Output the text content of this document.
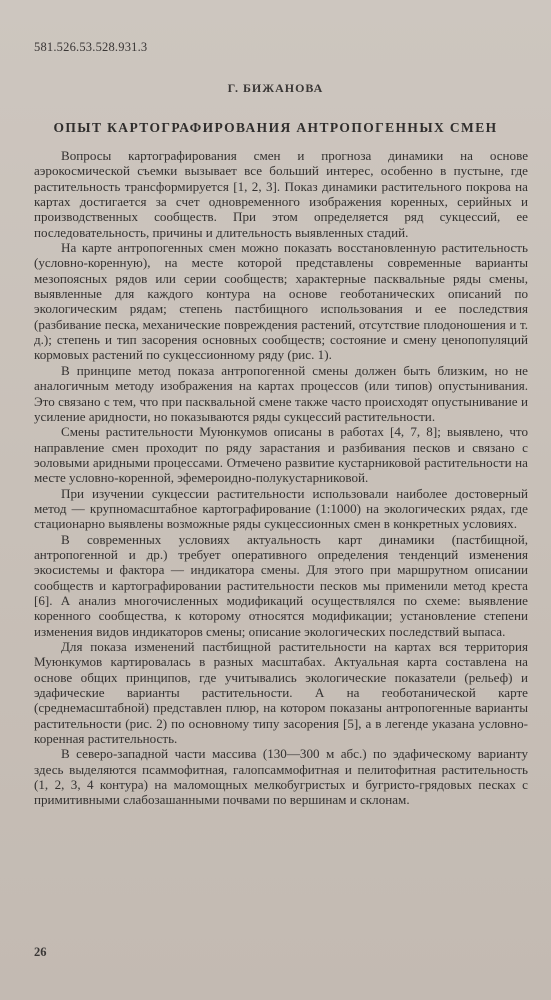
581.526.53.528.931.3
Г. БИЖАНОВА
ОПЫТ КАРТОГРАФИРОВАНИЯ АНТРОПОГЕННЫХ СМЕН

Вопросы картографирования смен и прогноза динамики на основе аэрокосмической съемки вызывает все больший интерес, особенно в пустыне, где растительность трансформируется [1, 2, 3]. Показ динамики растительного покрова на картах достигается за счет одновременного изображения коренных, серийных и производственных сообществ. При этом определяется ряд сукцессий, ее последовательность, причины и длительность выявленных стадий.

На карте антропогенных смен можно показать восстановленную растительность (условно-коренную), на месте которой представлены современные варианты мезопоясных рядов или серии сообществ; характерные пасквальные ряды смены, выявленные для каждого контура на основе геоботанических описаний по экологическим рядам; степень пастбищного использования и ее последствия (разбивание песка, механические повреждения растений, отсутствие плодоношения и т. д.); степень и тип засорения основных сообществ; состояние и смену ценопопуляций кормовых растений по сукцессионному ряду (рис. 1).

В принципе метод показа антропогенной смены должен быть близким, но не аналогичным методу изображения на картах процессов (или типов) опустынивания. Это связано с тем, что при пасквальной смене также часто происходят опустынивание и усиление аридности, но показываются ряды сукцессий растительности.

Смены растительности Муюнкумов описаны в работах [4, 7, 8]; выявлено, что направление смен проходит по ряду зарастания и разбивания песков и связано с эоловыми аридными процессами. Отмечено развитие кустарниковой растительности на месте условно-коренной, эфемероидно-полукустарниковой.

При изучении сукцессии растительности использовали наиболее достоверный метод — крупномасштабное картографирование (1:1000) на экологических рядах, где стационарно выявлены возможные ряды сукцессионных смен в конкретных условиях.

В современных условиях актуальность карт динамики (пастбищной, антропогенной и др.) требует оперативного определения тенденций изменения экосистемы и фактора — индикатора смены. Для этого при маршрутном описании сообществ и картографировании растительности песков мы применили метод креста [6]. А анализ многочисленных модификаций осуществлялся по схеме: выявление коренного сообщества, к которому относятся модификации; установление степени изменения видов индикаторов смены; описание экологических последствий выпаса.

Для показа изменений пастбищной растительности на картах вся территория Муюнкумов картировалась в разных масштабах. Актуальная карта составлена на основе общих принципов, где учитывались экологические показатели (рельеф) и эдафические варианты растительности. А на геоботанической карте (среднемасштабной) представлен плюр, на котором показаны антропогенные варианты растительности (рис. 2) по основному типу засорения [5], а в легенде указана условно-коренная растительность.

В северо-западной части массива (130—300 м абс.) по эдафическому варианту здесь выделяются псаммофитная, галопсаммофитная и пелитофитная растительность (1, 2, 3, 4 контура) на маломощных мелкобугристых и бугристо-грядовых песках с примитивными слабозашанными почвами по вершинам и склонам.

26
